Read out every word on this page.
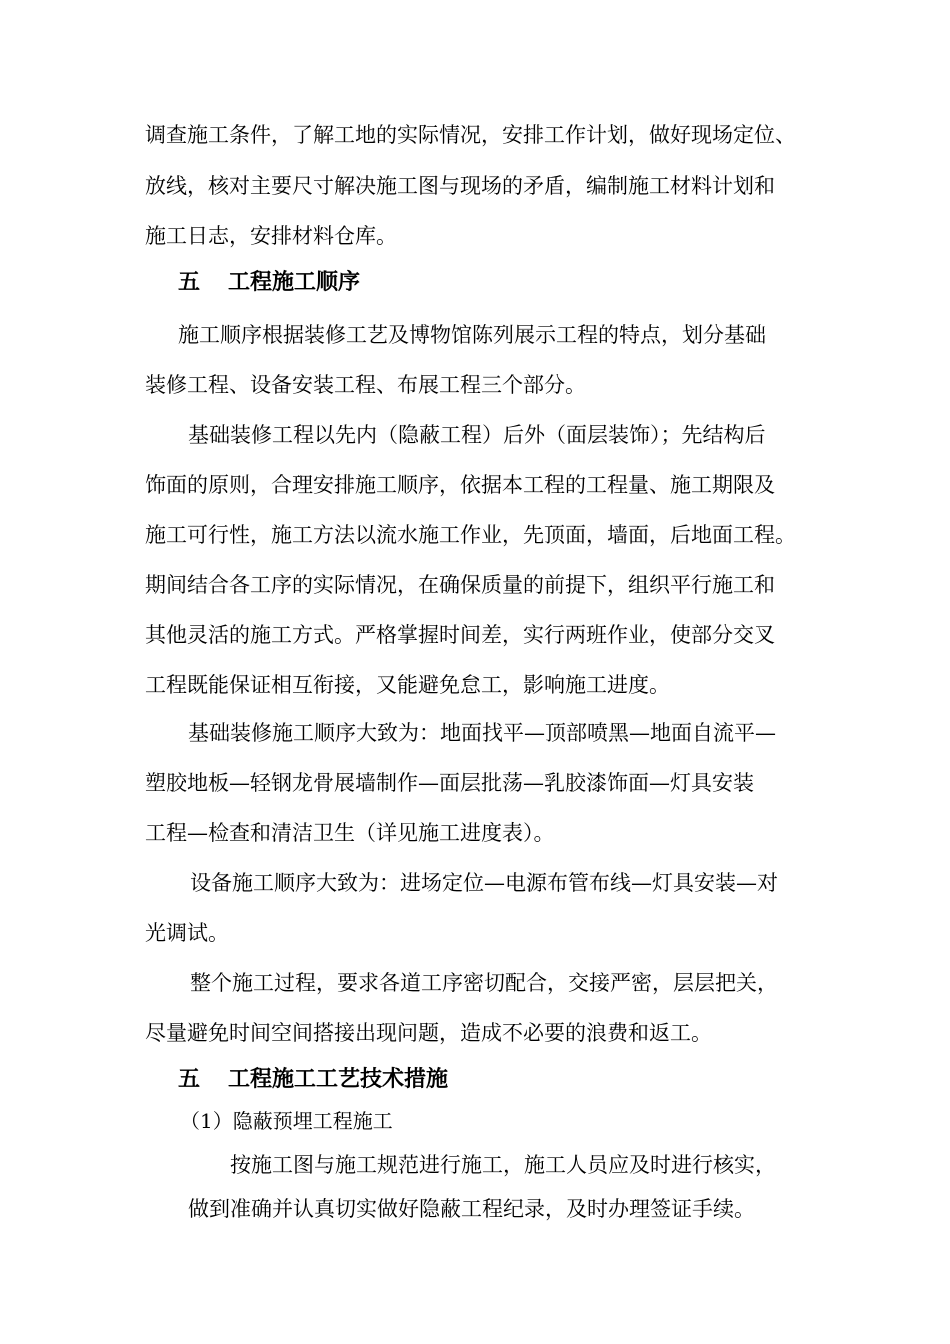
调查施工条件，了解工地的实际情况，安排工作计划，做好现场定位、
放线，核对主要尺寸解决施工图与现场的矛盾，编制施工材料计划和
施工日志，安排材料仓库。
五 工程施工顺序
施工顺序根据装修工艺及博物馆陈列展示工程的特点，划分基础
装修工程、设备安装工程、布展工程三个部分。
基础装修工程以先内（隐蔽工程）后外（面层装饰）；先结构后
饰面的原则，合理安排施工顺序，依据本工程的工程量、施工期限及
施工可行性，施工方法以流水施工作业，先顶面，墙面，后地面工程。
期间结合各工序的实际情况，在确保质量的前提下，组织平行施工和
其他灵活的施工方式。严格掌握时间差，实行两班作业，使部分交叉
工程既能保证相互衔接，又能避免怠工，影响施工进度。
基础装修施工顺序大致为：地面找平—顶部喷黑—地面自流平—
塑胶地板—轻钢龙骨展墙制作—面层批荡—乳胶漆饰面—灯具安装
工程—检查和清洁卫生（详见施工进度表）。
设备施工顺序大致为：进场定位—电源布管布线—灯具安装—对
光调试。
整个施工过程，要求各道工序密切配合，交接严密，层层把关，
尽量避免时间空间搭接出现问题，造成不必要的浪费和返工。
五 工程施工工艺技术措施
（1）隐蔽预埋工程施工
按施工图与施工规范进行施工，施工人员应及时进行核实，
做到准确并认真切实做好隐蔽工程纪录，及时办理签证手续。
